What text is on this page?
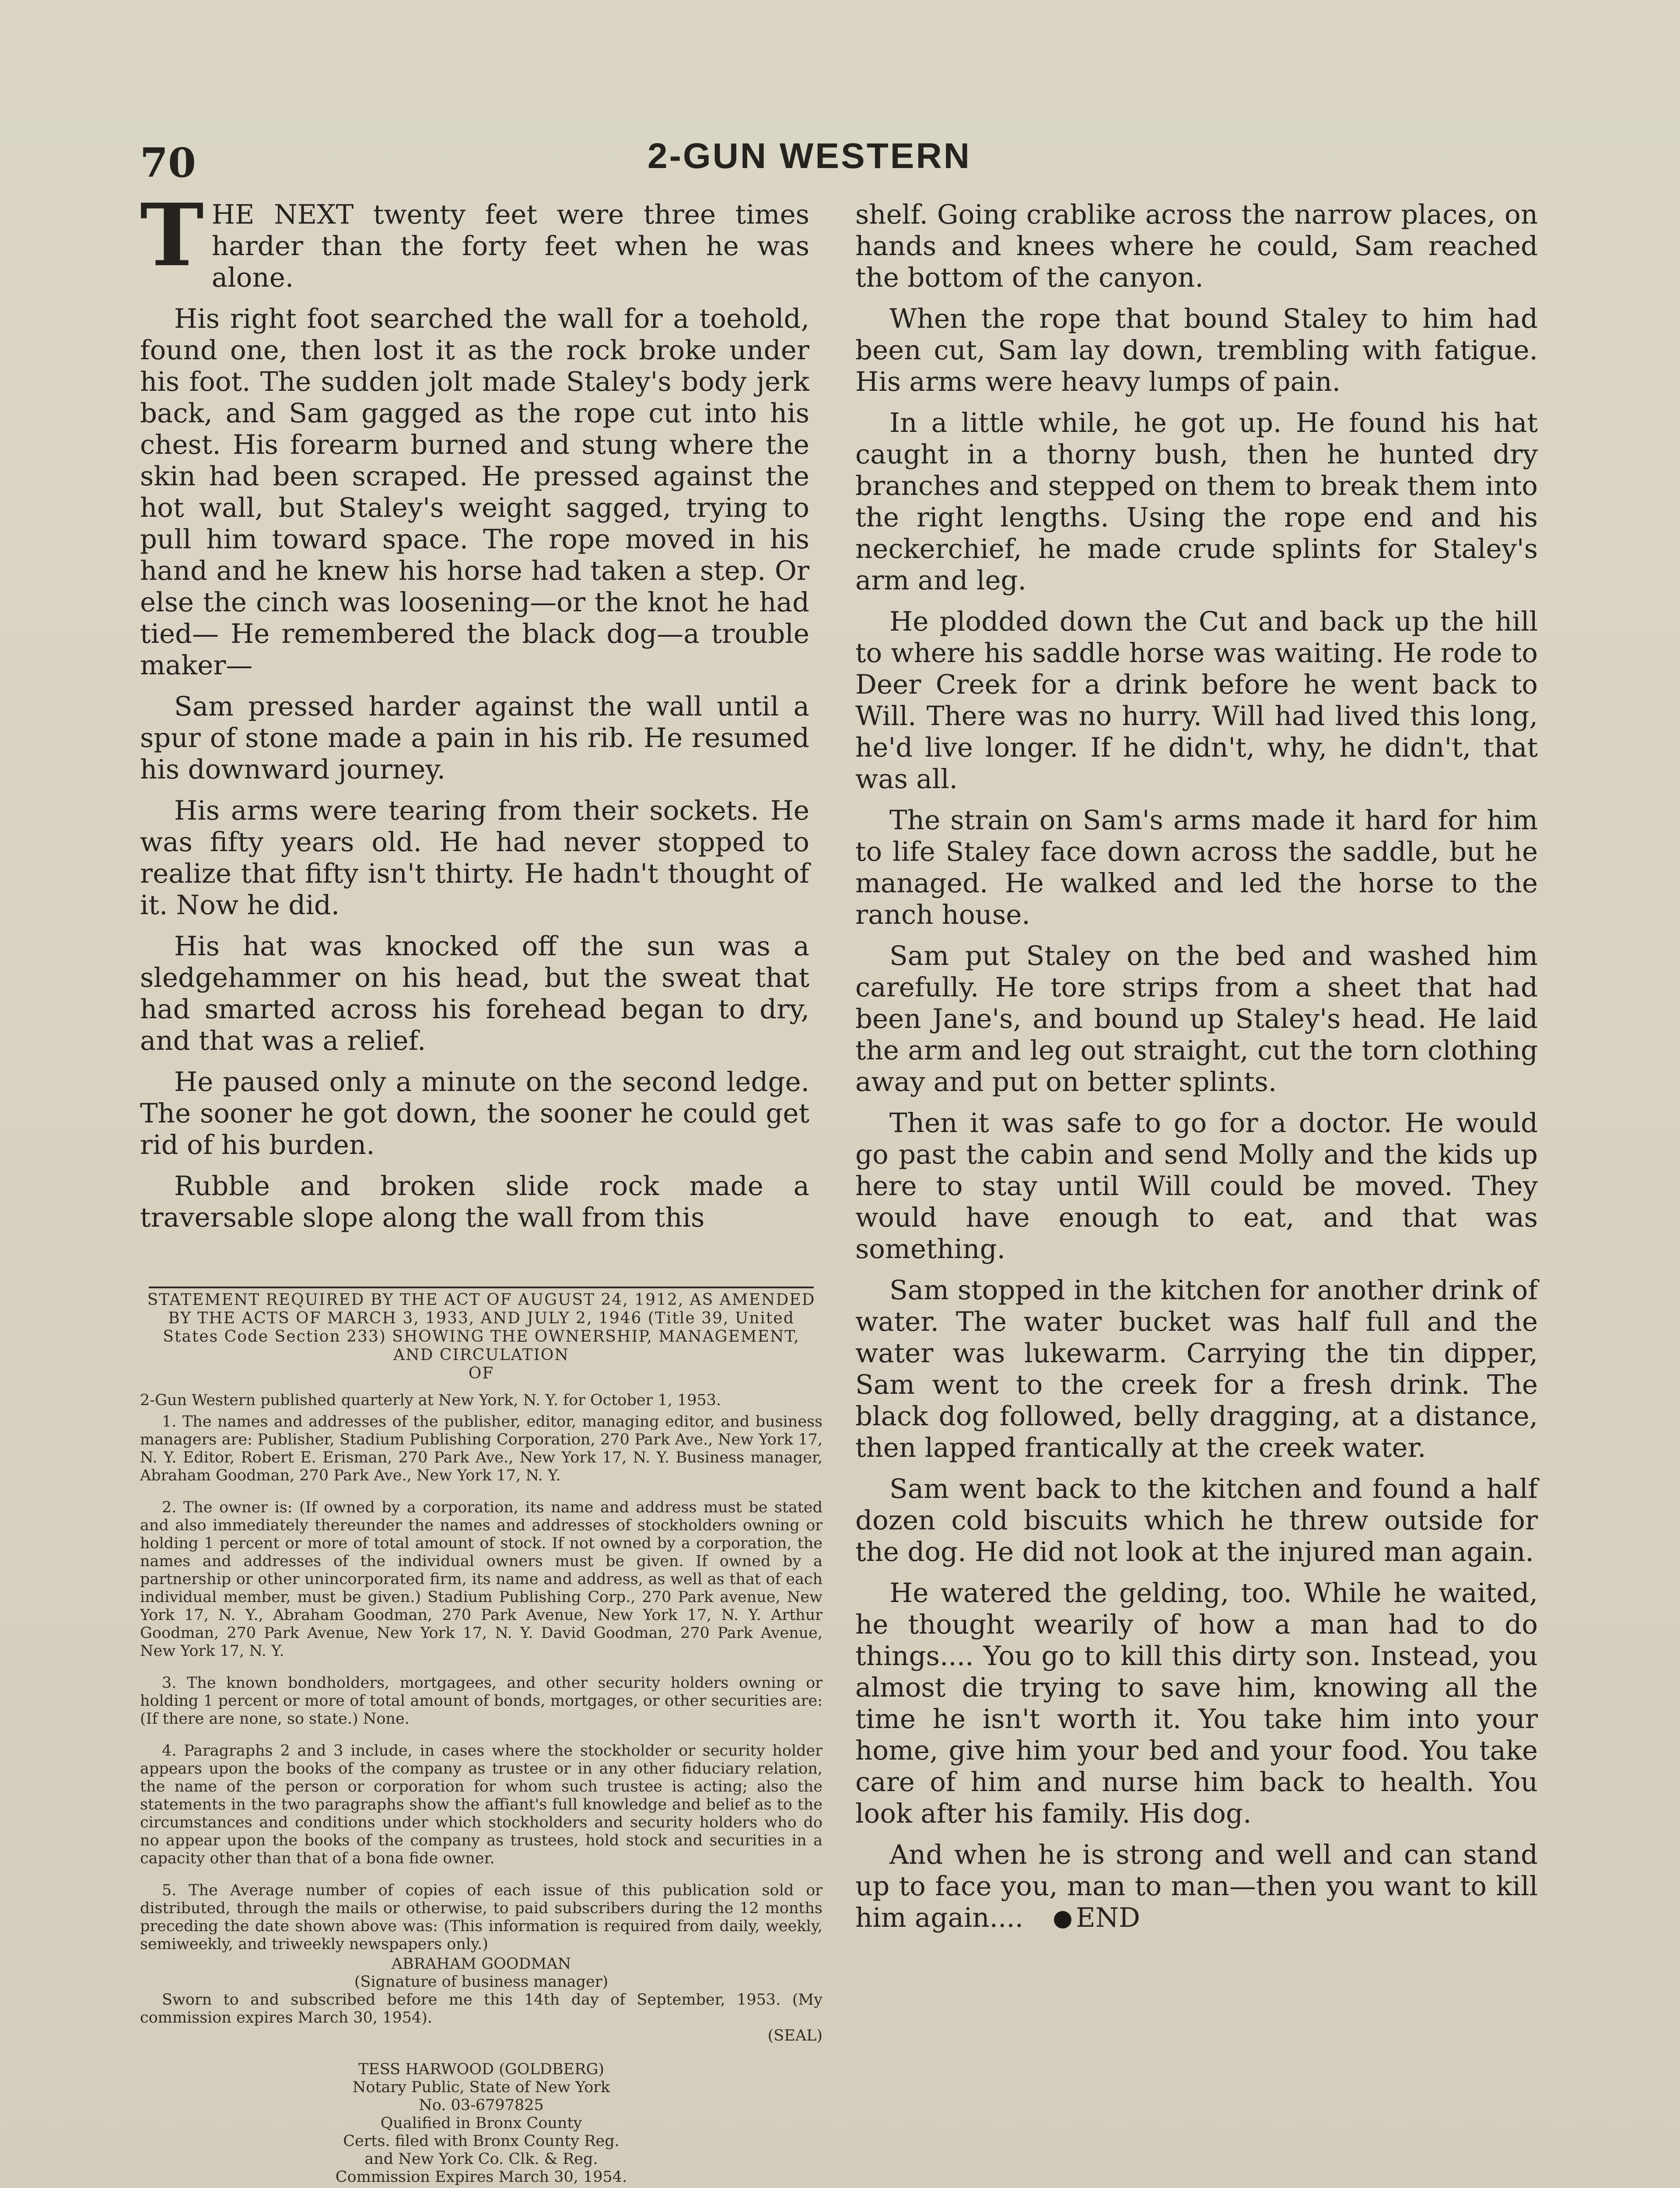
70	2-GUN WESTERN

THE NEXT twenty feet were three times harder than the forty feet when he was alone.

His right foot searched the wall for a toehold, found one, then lost it as the rock broke under his foot. The sudden jolt made Staley's body jerk back, and Sam gagged as the rope cut into his chest. His forearm burned and stung where the skin had been scraped. He pressed against the hot wall, but Staley's weight sagged, trying to pull him toward space. The rope moved in his hand and he knew his horse had taken a step. Or else the cinch was loosening—or the knot he had tied— He remembered the black dog—a trouble maker—

Sam pressed harder against the wall until a spur of stone made a pain in his rib. He resumed his downward journey.

His arms were tearing from their sockets. He was fifty years old. He had never stopped to realize that fifty isn't thirty. He hadn't thought of it. Now he did.

His hat was knocked off the sun was a sledgehammer on his head, but the sweat that had smarted across his forehead began to dry, and that was a relief.

He paused only a minute on the second ledge. The sooner he got down, the sooner he could get rid of his burden.

Rubble and broken slide rock made a traversable slope along the wall from this

shelf. Going crablike across the narrow places, on hands and knees where he could, Sam reached the bottom of the canyon.

When the rope that bound Staley to him had been cut, Sam lay down, trembling with fatigue. His arms were heavy lumps of pain.

In a little while, he got up. He found his hat caught in a thorny bush, then he hunted dry branches and stepped on them to break them into the right lengths. Using the rope end and his neckerchief, he made crude splints for Staley's arm and leg.

He plodded down the Cut and back up the hill to where his saddle horse was waiting. He rode to Deer Creek for a drink before he went back to Will. There was no hurry. Will had lived this long, he'd live longer. If he didn't, why, he didn't, that was all.

The strain on Sam's arms made it hard for him to life Staley face down across the saddle, but he managed. He walked and led the horse to the ranch house.

Sam put Staley on the bed and washed him carefully. He tore strips from a sheet that had been Jane's, and bound up Staley's head. He laid the arm and leg out straight, cut the torn clothing away and put on better splints.

Then it was safe to go for a doctor. He would go past the cabin and send Molly and the kids up here to stay until Will could be moved. They would have enough to eat, and that was something.

Sam stopped in the kitchen for another drink of water. The water bucket was half full and the water was lukewarm. Carrying the tin dipper, Sam went to the creek for a fresh drink. The black dog followed, belly dragging, at a distance, then lapped frantically at the creek water.

Sam went back to the kitchen and found a half dozen cold biscuits which he threw outside for the dog. He did not look at the injured man again.

He watered the gelding, too. While he waited, he thought wearily of how a man had to do things.... You go to kill this dirty son. Instead, you almost die trying to save him, knowing all the time he isn't worth it. You take him into your home, give him your bed and your food. You take care of him and nurse him back to health. You look after his family. His dog.

And when he is strong and well and can stand up to face you, man to man—then you want to kill him again.... END

STATEMENT REQUIRED BY THE ACT OF AUGUST 24, 1912, AS AMENDED BY THE ACTS OF MARCH 3, 1933, AND JULY 2, 1946 (Title 39, United States Code Section 233) SHOWING THE OWNERSHIP, MANAGEMENT, AND CIRCULATION
OF

2-Gun Western published quarterly at New York, N. Y. for October 1, 1953.

1. The names and addresses of the publisher, editor, managing editor, and business managers are: Publisher, Stadium Publishing Corporation, 270 Park Ave., New York 17, N. Y. Editor, Robert E. Erisman, 270 Park Ave., New York 17, N. Y. Business manager, Abraham Goodman, 270 Park Ave., New York 17, N. Y.

2. The owner is: (If owned by a corporation, its name and address must be stated and also immediately thereunder the names and addresses of stockholders owning or holding 1 percent or more of total amount of stock. If not owned by a corporation, the names and addresses of the individual owners must be given. If owned by a partnership or other unincorporated firm, its name and address, as well as that of each individual member, must be given.) Stadium Publishing Corp., 270 Park avenue, New York 17, N. Y., Abraham Goodman, 270 Park Avenue, New York 17, N. Y. Arthur Goodman, 270 Park Avenue, New York 17, N. Y. David Goodman, 270 Park Avenue, New York 17, N. Y.

3. The known bondholders, mortgagees, and other security holders owning or holding 1 percent or more of total amount of bonds, mortgages, or other securities are: (If there are none, so state.) None.

4. Paragraphs 2 and 3 include, in cases where the stockholder or security holder appears upon the books of the company as trustee or in any other fiduciary relation, the name of the person or corporation for whom such trustee is acting; also the statements in the two paragraphs show the affiant's full knowledge and belief as to the circumstances and conditions under which stockholders and security holders who do no appear upon the books of the company as trustees, hold stock and securities in a capacity other than that of a bona fide owner.

5. The Average number of copies of each issue of this publication sold or distributed, through the mails or otherwise, to paid subscribers during the 12 months preceding the date shown above was: (This information is required from daily, weekly, semiweekly, and triweekly newspapers only.)

ABRAHAM GOODMAN

(Signature of business manager)

Sworn to and subscribed before me this 14th day of September, 1953. (My commission expires March 30, 1954).

(SEAL)

TESS HARWOOD (GOLDBERG)
Notary Public, State of New York
No. 03-6797825
Qualified in Bronx County
Certs. filed with Bronx County Reg.
and New York Co. Clk. & Reg.
Commission Expires March 30, 1954.
